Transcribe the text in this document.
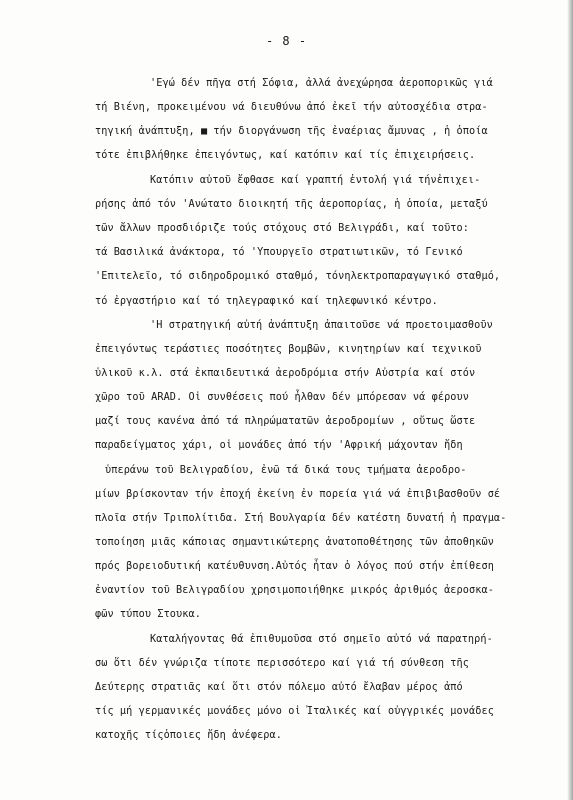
- 8 -
'Εγώ δέν πῆγα στή Σόφια, ἀλλά ἀνεχώρησα ἀεροπορικῶς γιά
τή Βιένη, προκειμένου νά διευθύνω ἀπό ἐκεῖ τήν αὐτοσχέδια στρα-
τηγική ἀνάπτυξη, ■ τήν διοργάνωση τῆς ἐναέριας ἄμυνας , ἡ ὁποία
τότε ἐπιβλήθηκε ἐπειγόντως, καί κατόπιν καί τίς ἐπιχειρήσεις.
Κατόπιν αὐτοῦ ἔφθασε καί γραπτή ἐντολή γιά τήνἐπιχει-
ρήσης ἀπό τόν 'Ανώτατο διοικητή τῆς ἀεροπορίας, ἡ ὁποία, μεταξύ
τῶν ἄλλων προσδιόριζε τούς στόχους στό Βελιγράδι, καί τοῦτο:
τά Βασιλικά ἀνάκτορα, τό 'Υπουργεῖο στρατιωτικῶν, τό Γενικό
'Επιτελεῖο, τό σιδηροδρομικό σταθμό, τόνηλεκτροπαραγωγικό σταθμό,
τό ἐργαστήριο καί τό τηλεγραφικό καί τηλεφωνικό κέντρο.
'Η στρατηγική αὐτή ἀνάπτυξη ἀπαιτοῦσε νά προετοιμασθοῦν
ἐπειγόντως τεράστιες ποσότητες βομβῶν, κινητηρίων καί τεχνικοῦ
ὑλικοῦ κ.λ. στά ἐκπαιδευτικά ἀεροδρόμια στήν Αὐστρία καί στόν
χῶρο τοῦ ARAD. Οἱ συνθέσεις πού ἦλθαν δέν μπόρεσαν νά φέρουν
μαζί τους κανένα ἀπό τά πληρώματατῶν ἀεροδρομίων , οὔτως ὥστε
παραδείγματος χάρι, οἱ μονάδες ἀπό τήν 'Αφρική μάχονταν ἤδη
ὑπεράνω τοῦ Βελιγραδίου, ἐνῶ τά δικά τους τμήματα ἀεροδρο-
μίων βρίσκονταν τήν ἐποχή ἐκείνη ἐν πορεία γιά νά ἐπιβιβασθοῦν σέ
πλοῖα στήν Τριπολίτιδα. Στή Βουλγαρία δέν κατέστη δυνατή ἡ πραγμα-
τοποίηση μιᾶς κάποιας σημαντικώτερης ἀνατοποθέτησης τῶν ἀποθηκῶν
πρός βορειοδυτική κατέυθυνση.Αὐτός ἦταν ὁ λόγος πού στήν ἐπίθεση
ἐναντίον τοῦ Βελιγραδίου χρησιμοποιήθηκε μικρός ἀριθμός ἀεροσκα-
φῶν τύπου Στουκα.
Καταλήγοντας θά ἐπιθυμοῦσα στό σημεῖο αὐτό νά παρατηρή-
σω ὅτι δέν γνώριζα τίποτε περισσότερο καί γιά τή σύνθεση τῆς
Δεύτερης στρατιᾶς καί ὅτι στόν πόλεμο αὐτό ἔλαβαν μέρος ἀπό
τίς μή γερμανικές μονάδες μόνο οἱ Ἰταλικές καί οὐγγρικές μονάδες
κατοχῆς τίςὁποιες ἤδη ἀνέφερα.
